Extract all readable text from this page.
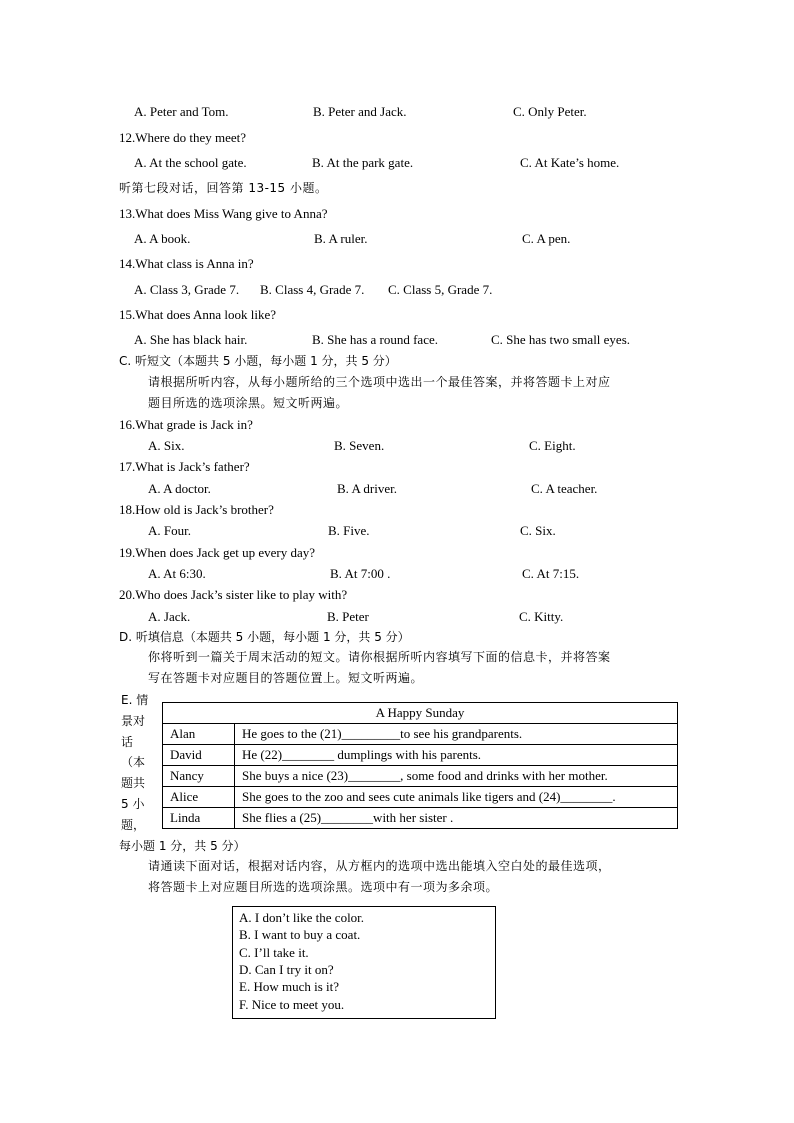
A. Peter and Tom.	B. Peter and Jack.	C. Only Peter.
12.Where do they meet?
A. At the school gate.	B. At the park gate.	C. At Kate’s home.
听第七段对话，回答第 13-15 小题。
13.What does Miss Wang give to Anna?
A. A book.	B. A ruler.	C. A pen.
14.What class is Anna in?
A. Class 3, Grade 7. B. Class 4, Grade 7. C. Class 5, Grade 7.
15.What does Anna look like?
A. She has black hair.	B. She has a round face.	C. She has two small eyes.
C. 听短文（本题共 5 小题，每小题 1 分，共 5 分）
请根据所听内容，从每小题所给的三个选项中选出一个最佳答案，并将答题卡上对应
题目所选的选项涂黑。短文听两遍。
16.What grade is Jack in?
A. Six.	B. Seven.	C. Eight.
17.What is Jack’s father?
A. A doctor.	B. A driver.	C. A teacher.
18.How old is Jack’s brother?
A. Four.	B. Five.	C. Six.
19.When does Jack get up every day?
A. At 6:30.	B. At 7:00 .	C. At 7:15.
20.Who does Jack’s sister like to play with?
A. Jack.	B. Peter	C. Kitty.
D. 听填信息（本题共 5 小题，每小题 1 分，共 5 分）
你将听到一篇关于周末活动的短文。请你根据所听内容填写下面的信息卡，并将答案
写在答题卡对应题目的答题位置上。短文听两遍。
E. 情
景对
话
（本
题共
5 小
题，
A Happy Sunday	
Alan	He goes to the (21)_________to see his grandparents.
David	He (22)________ dumplings with his parents.
Nancy	She buys a nice (23)________, some food and drinks with her mother.
Alice	She goes to the zoo and sees cute animals like tigers and (24)________.
Linda	She flies a (25)________with her sister .
每小题 1 分，共 5 分）
请通读下面对话，根据对话内容，从方框内的选项中选出能填入空白处的最佳选项，
将答题卡上对应题目所选的选项涂黑。选项中有一项为多余项。
A. I don’t like the color.
B. I want to buy a coat.
C. I’ll take it.
D. Can I try it on?
E. How much is it?
F. Nice to meet you.
